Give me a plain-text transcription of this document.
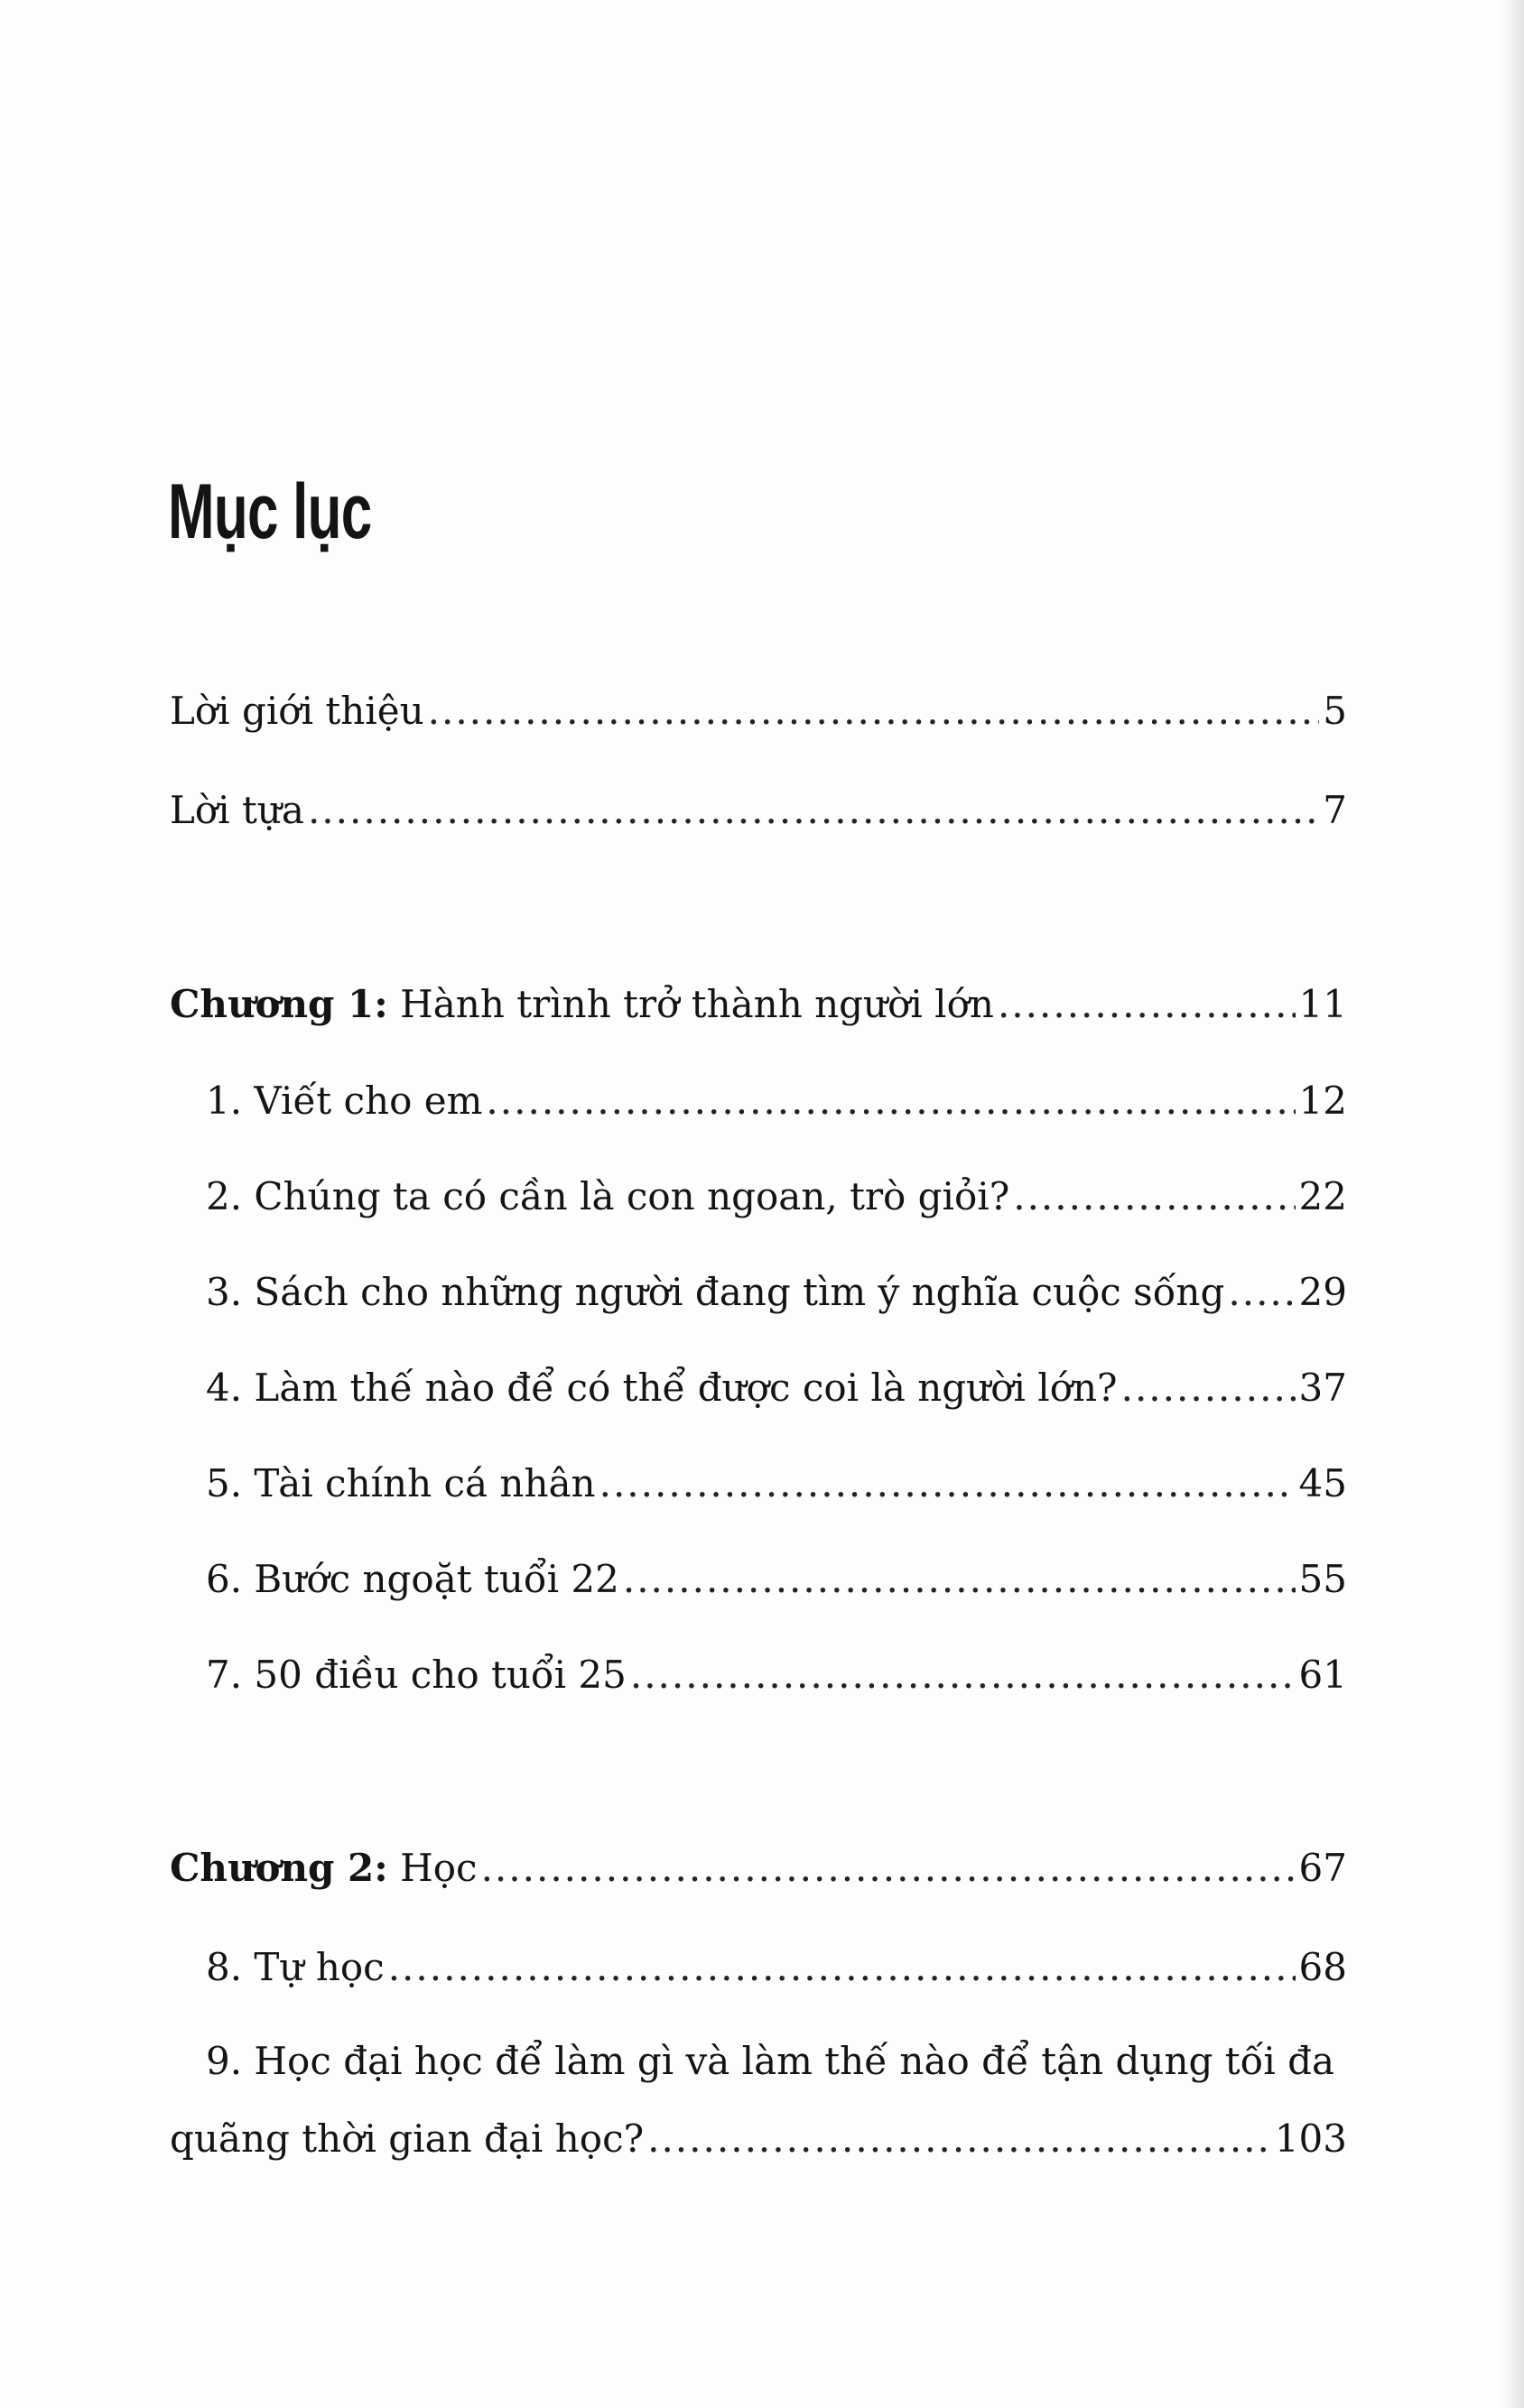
Mục lục
Lời giới thiệu .....	5
Lời tựa .....	7
Chương 1: Hành trình trở thành người lớn .....	11
1. Viết cho em .....	12
2. Chúng ta có cần là con ngoan, trò giỏi? .....	22
3. Sách cho những người đang tìm ý nghĩa cuộc sống ..... 29
4. Làm thế nào để có thể được coi là người lớn? .....	37
5. Tài chính cá nhân .....	45
6. Bước ngoặt tuổi 22 .....	55
7. 50 điều cho tuổi 25 .....	61
Chương 2: Học .....	67
8. Tự học .....	68
9. Học đại học để làm gì và làm thế nào để tận dụng tối đa
quãng thời gian đại học? .....	103
